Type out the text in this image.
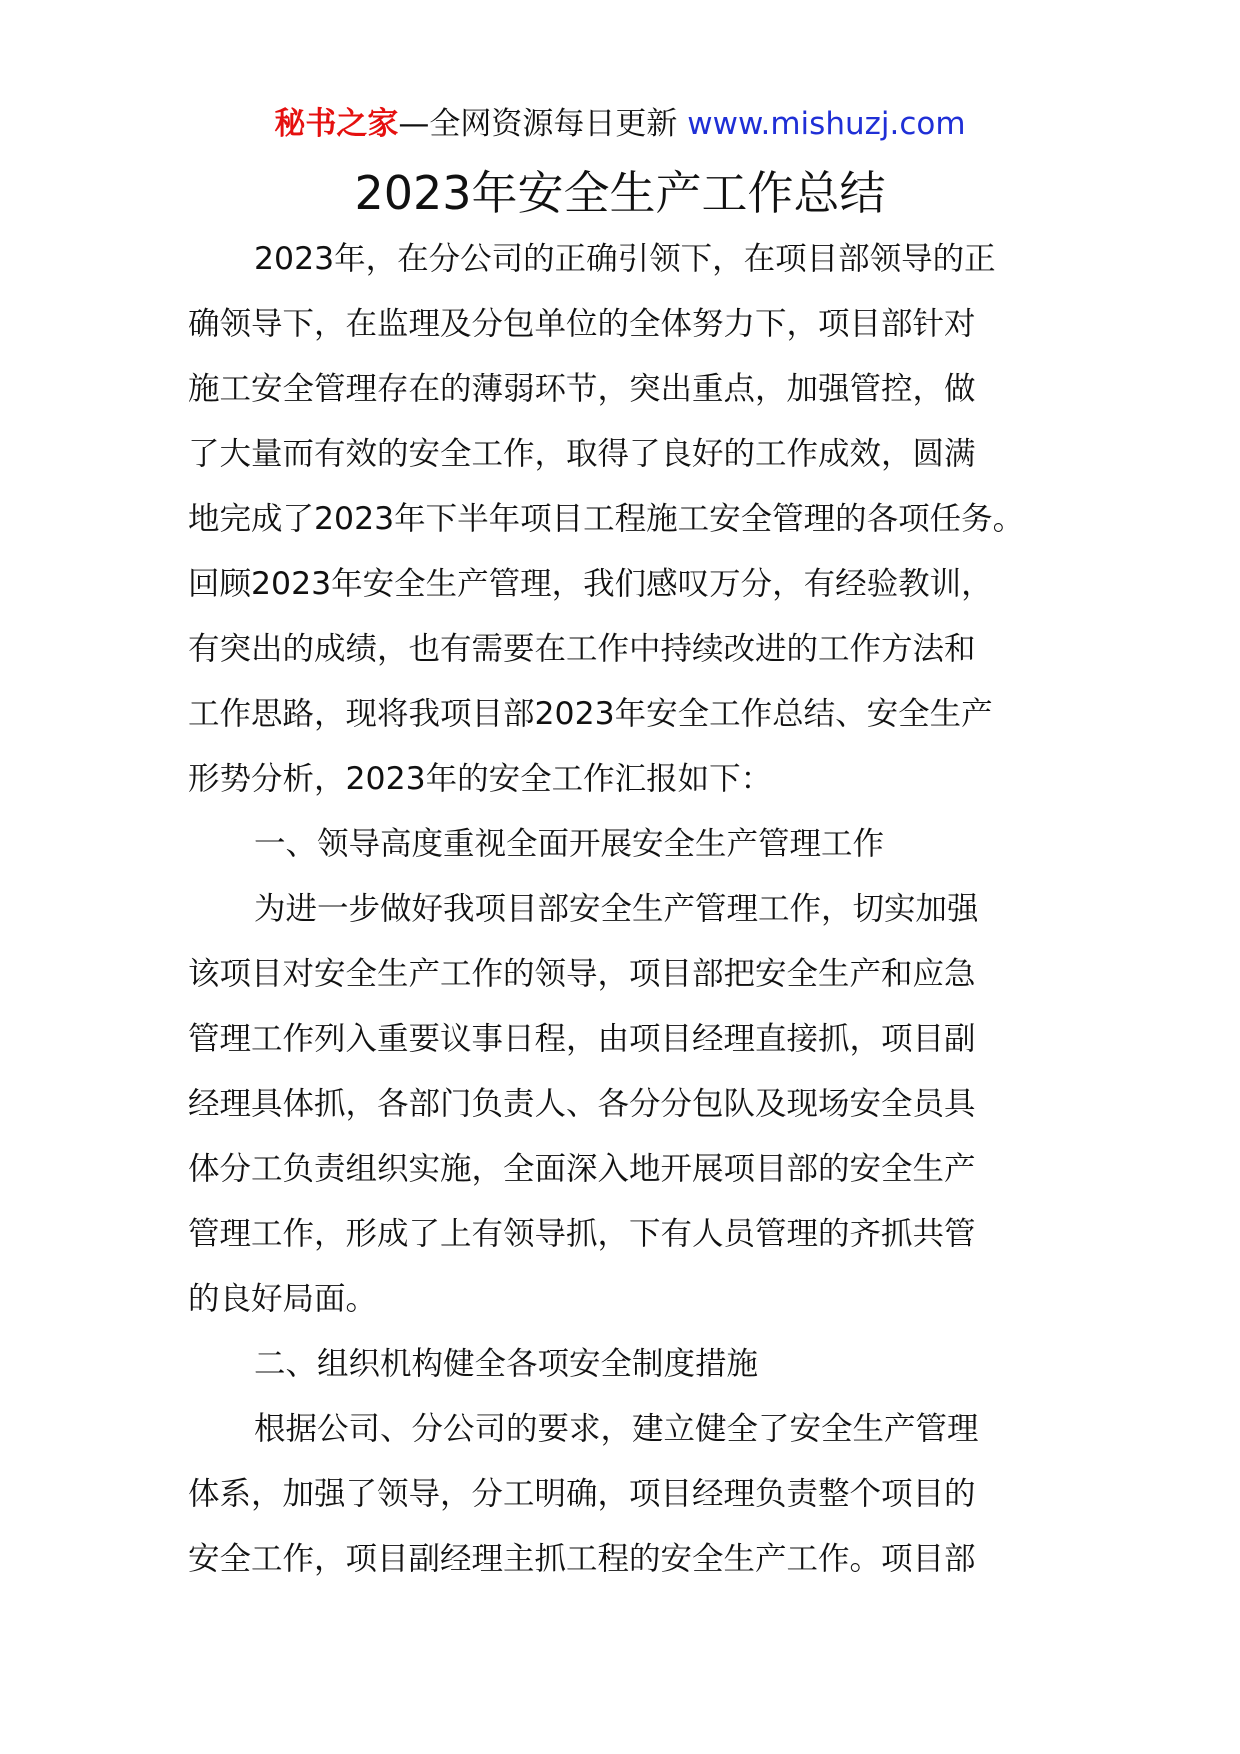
秘书之家—全网资源每日更新 www.mishuzj.com
2023年安全生产工作总结
2023年，在分公司的正确引领下，在项目部领导的正
确领导下，在监理及分包单位的全体努力下，项目部针对
施工安全管理存在的薄弱环节，突出重点，加强管控，做
了大量而有效的安全工作，取得了良好的工作成效，圆满
地完成了2023年下半年项目工程施工安全管理的各项任务。
回顾2023年安全生产管理，我们感叹万分，有经验教训，
有突出的成绩，也有需要在工作中持续改进的工作方法和
工作思路，现将我项目部2023年安全工作总结、安全生产
形势分析，2023年的安全工作汇报如下：
一、领导高度重视全面开展安全生产管理工作
为进一步做好我项目部安全生产管理工作，切实加强
该项目对安全生产工作的领导，项目部把安全生产和应急
管理工作列入重要议事日程，由项目经理直接抓，项目副
经理具体抓，各部门负责人、各分分包队及现场安全员具
体分工负责组织实施，全面深入地开展项目部的安全生产
管理工作，形成了上有领导抓，下有人员管理的齐抓共管
的良好局面。
二、组织机构健全各项安全制度措施
根据公司、分公司的要求，建立健全了安全生产管理
体系，加强了领导，分工明确，项目经理负责整个项目的
安全工作，项目副经理主抓工程的安全生产工作。项目部
